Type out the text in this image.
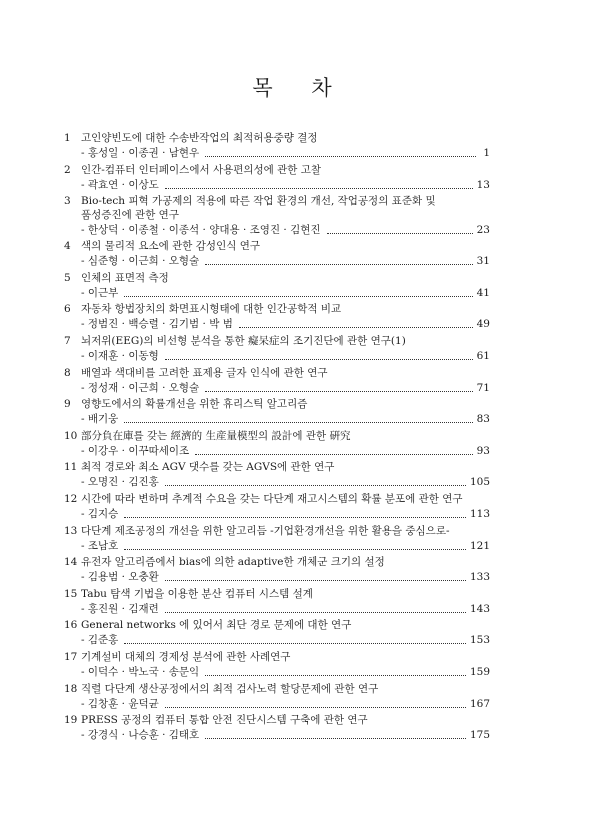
목 차
1 고인양빈도에 대한 수송반작업의 최적허용중량 결정
- 홍성일 · 이종권 · 남현우	1
2 인간-컴퓨터 인터페이스에서 사용편의성에 관한 고찰
- 곽효연 · 이상도	13
3 Bio-tech 피혁 가공제의 적용에 따른 작업 환경의 개선, 작업공정의 표준화 및
품성증진에 관한 연구
- 한상덕 · 이종철 · 이종석 · 양대용 · 조영진 · 김현진	23
4 색의 물리적 요소에 관한 감성인식 연구
- 심준형 · 이근희 · 오형술	31
5 인체의 표면적 측정
- 이근부	41
6 자동차 항법장치의 화면표시형태에 대한 인간공학적 비교
- 정범진 · 백승렬 · 김기범 · 박 범	49
7 뇌저위(EEG)의 비선형 분석을 통한 癡呆症의 조기진단에 관한 연구(1)
- 이재훈 · 이동형	61
8 배열과 색대비를 고려한 표제용 글자 인식에 관한 연구
- 정성재 · 이근희 · 오형술	71
9 영향도에서의 확률개선을 위한 휴리스틱 알고리즘
- 배기웅	83
10 部分負在庫를 갖는 經濟的 生産量模型의 設計에 관한 硏究
- 이강우 · 이꾸따세이조	93
11 최적 경로와 최소 AGV 댓수를 갖는 AGVS에 관한 연구
- 오명진 · 김진홍	105
12 시간에 따라 변하며 추계적 수요을 갖는 다단계 재고시스템의 확률 분포에 관한 연구
- 김지승	113
13 다단계 제조공정의 개선을 위한 알고리듬 -기업환경개선을 위한 활용을 중심으로-
- 조남호	121
14 유전자 알고리즘에서 bias에 의한 adaptive한 개체군 크기의 설정
- 김용범 · 오충환	133
15 Tabu 탐색 기법을 이용한 분산 컴퓨터 시스템 설계
- 홍진원 · 김재련	143
16 General networks 에 있어서 최단 경로 문제에 대한 연구
- 김준홍	153
17 기계설비 대체의 경제성 분석에 관한 사례연구
- 이덕수 · 박노국 · 송문익	159
18 직렬 다단계 생산공정에서의 최적 검사노력 할당문제에 관한 연구
- 김창훈 · 윤덕균	167
19 PRESS 공정의 컴퓨터 통합 안전 진단시스템 구축에 관한 연구
- 강경식 · 나승훈 · 김태호	175
